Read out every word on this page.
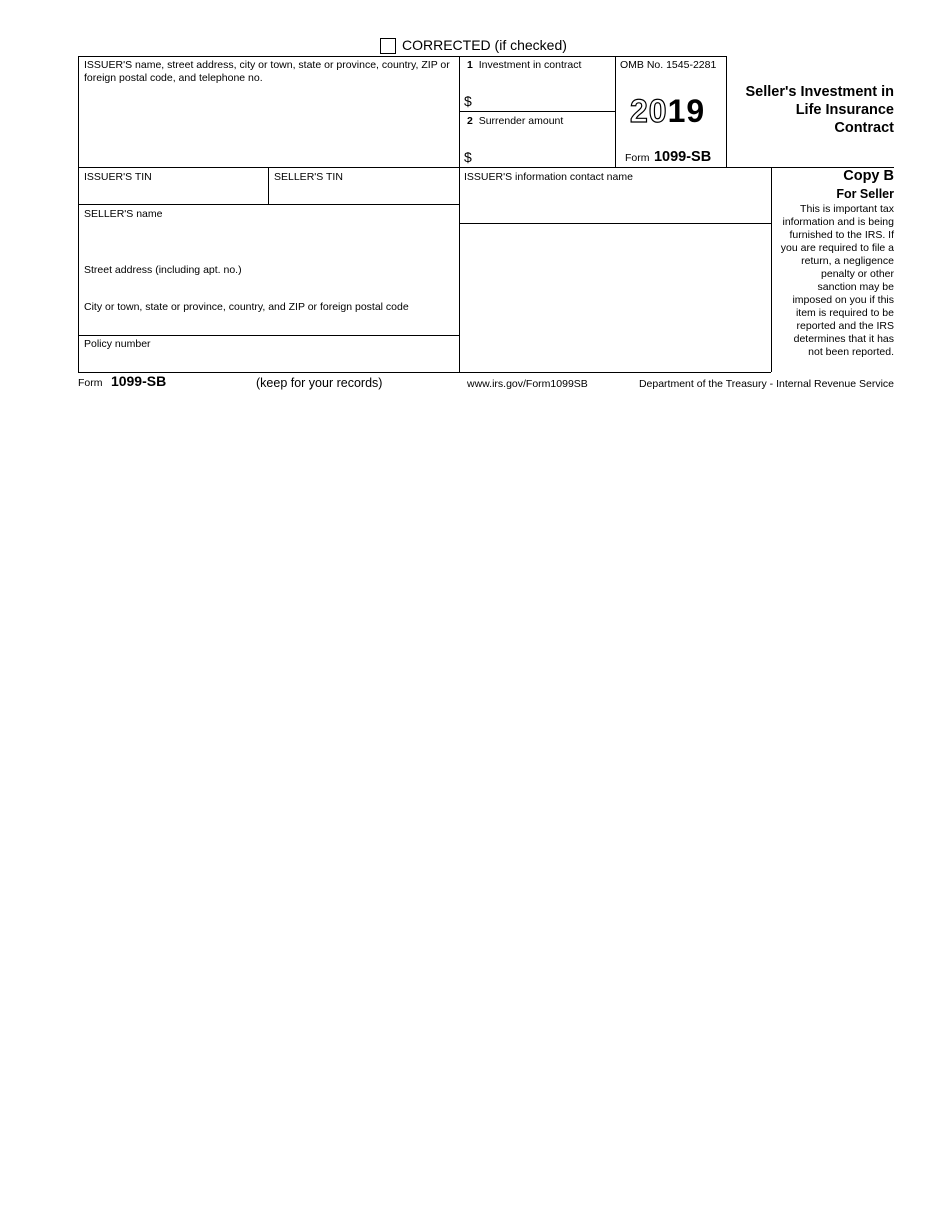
CORRECTED (if checked)
ISSUER'S name, street address, city or town, state or province, country, ZIP or foreign postal code, and telephone no.
1 Investment in contract
$
2 Surrender amount
$
OMB No. 1545-2281
2019
Form 1099-SB
Seller's Investment in
Life Insurance
Contract
ISSUER'S TIN	SELLER'S TIN	ISSUER'S information contact name
SELLER'S name
Street address (including apt. no.)
City or town, state or province, country, and ZIP or foreign postal code
Policy number
Copy B
For Seller
This is important tax
information and is being
furnished to the IRS. If
you are required to file a
return, a negligence
penalty or other
sanction may be
imposed on you if this
item is required to be
reported and the IRS
determines that it has
not been reported.
Form 1099-SB	(keep for your records)	www.irs.gov/Form1099SB	Department of the Treasury - Internal Revenue Service
